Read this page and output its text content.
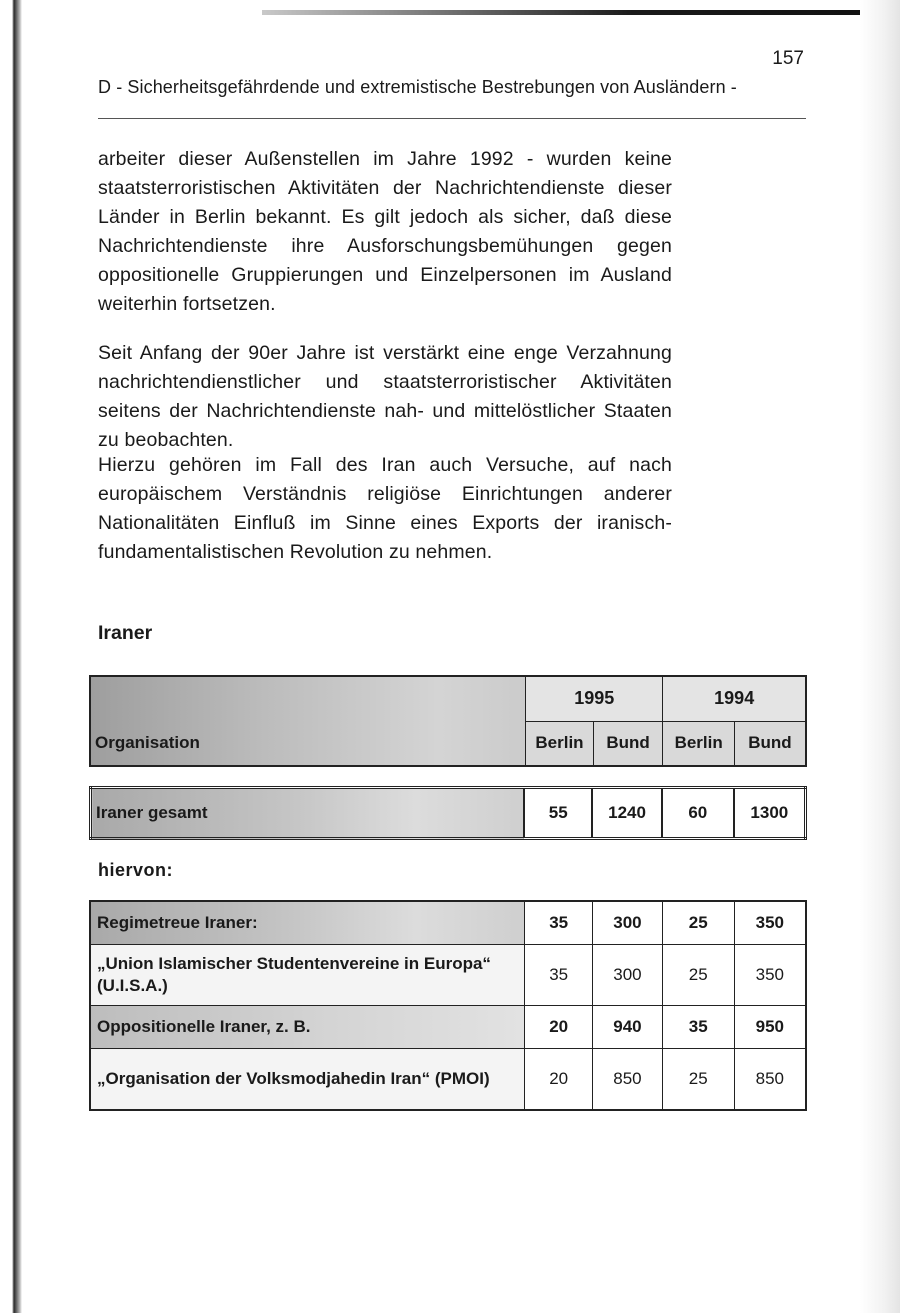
157
D - Sicherheitsgefährdende und extremistische Bestrebungen von Ausländern -
arbeiter dieser Außenstellen im Jahre 1992 - wurden keine staatsterroristischen Aktivitäten der Nachrichtendienste dieser Länder in Berlin bekannt. Es gilt jedoch als sicher, daß diese Nachrichtendienste ihre Ausforschungsbemühungen gegen oppositionelle Gruppierungen und Einzelpersonen im Ausland weiterhin fortsetzen.
Seit Anfang der 90er Jahre ist verstärkt eine enge Verzahnung nachrichtendienstlicher und staatsterroristischer Aktivitäten seitens der Nachrichtendienste nah- und mittelöstlicher Staaten zu beobachten.
Hierzu gehören im Fall des Iran auch Versuche, auf nach europäischem Verständnis religiöse Einrichtungen anderer Nationalitäten Einfluß im Sinne eines Exports der iranisch-fundamentalistischen Revolution zu nehmen.
Iraner
Organisation	1995		1994	
	Berlin	Bund	Berlin	Bund
Iraner gesamt	55	1240	60	1300
hiervon:
Regimetreue Iraner:	35	300	25	350
„Union Islamischer Studentenvereine in Europa“ (U.I.S.A.)	35	300	25	350
Oppositionelle Iraner, z. B.	20	940	35	950
„Organisation der Volksmodjahedin Iran“ (PMOI)	20	850	25	850
